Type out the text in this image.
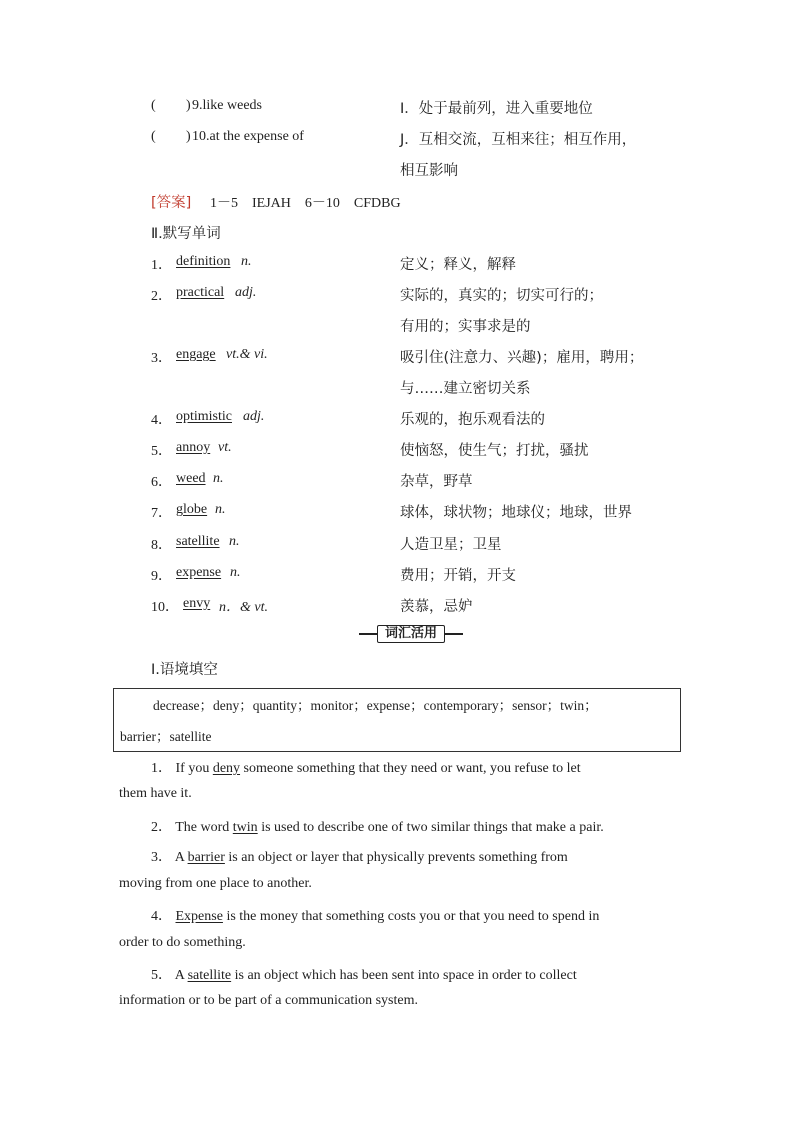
( ) 9.like weeds	I．处于最前列，进入重要地位
( ) 10.at the expense of	J．互相交流，互相来往；相互作用，
相互影响
[答案] 1－5　IEJAH　6－10　CFDBG
Ⅱ.默写单词
1． definition n.	定义；释义，解释
2． practical adj.	实际的，真实的；切实可行的；
有用的；实事求是的
3． engage vt.& vi.	吸引住(注意力、兴趣)；雇用，聘用；
与……建立密切关系
4． optimistic adj.	乐观的，抱乐观看法的
5． annoy vt.	使恼怒，使生气；打扰，骚扰
6． weed n.	杂草，野草
7． globe n.	球体，球状物；地球仪；地球，世界
8． satellite n.	人造卫星；卫星
9． expense n.	费用；开销，开支
10． envy n．& vt.	羡慕，忌妒
词汇活用
Ⅰ.语境填空
decrease；deny；quantity；monitor；expense；contemporary；sensor；twin；
barrier；satellite
1． If you deny someone something that they need or want, you refuse to let
them have it.
2． The word twin is used to describe one of two similar things that make a pair.
3． A barrier is an object or layer that physically prevents something from
moving from one place to another.
4． Expense is the money that something costs you or that you need to spend in
order to do something.
5． A satellite is an object which has been sent into space in order to collect
information or to be part of a communication system.
